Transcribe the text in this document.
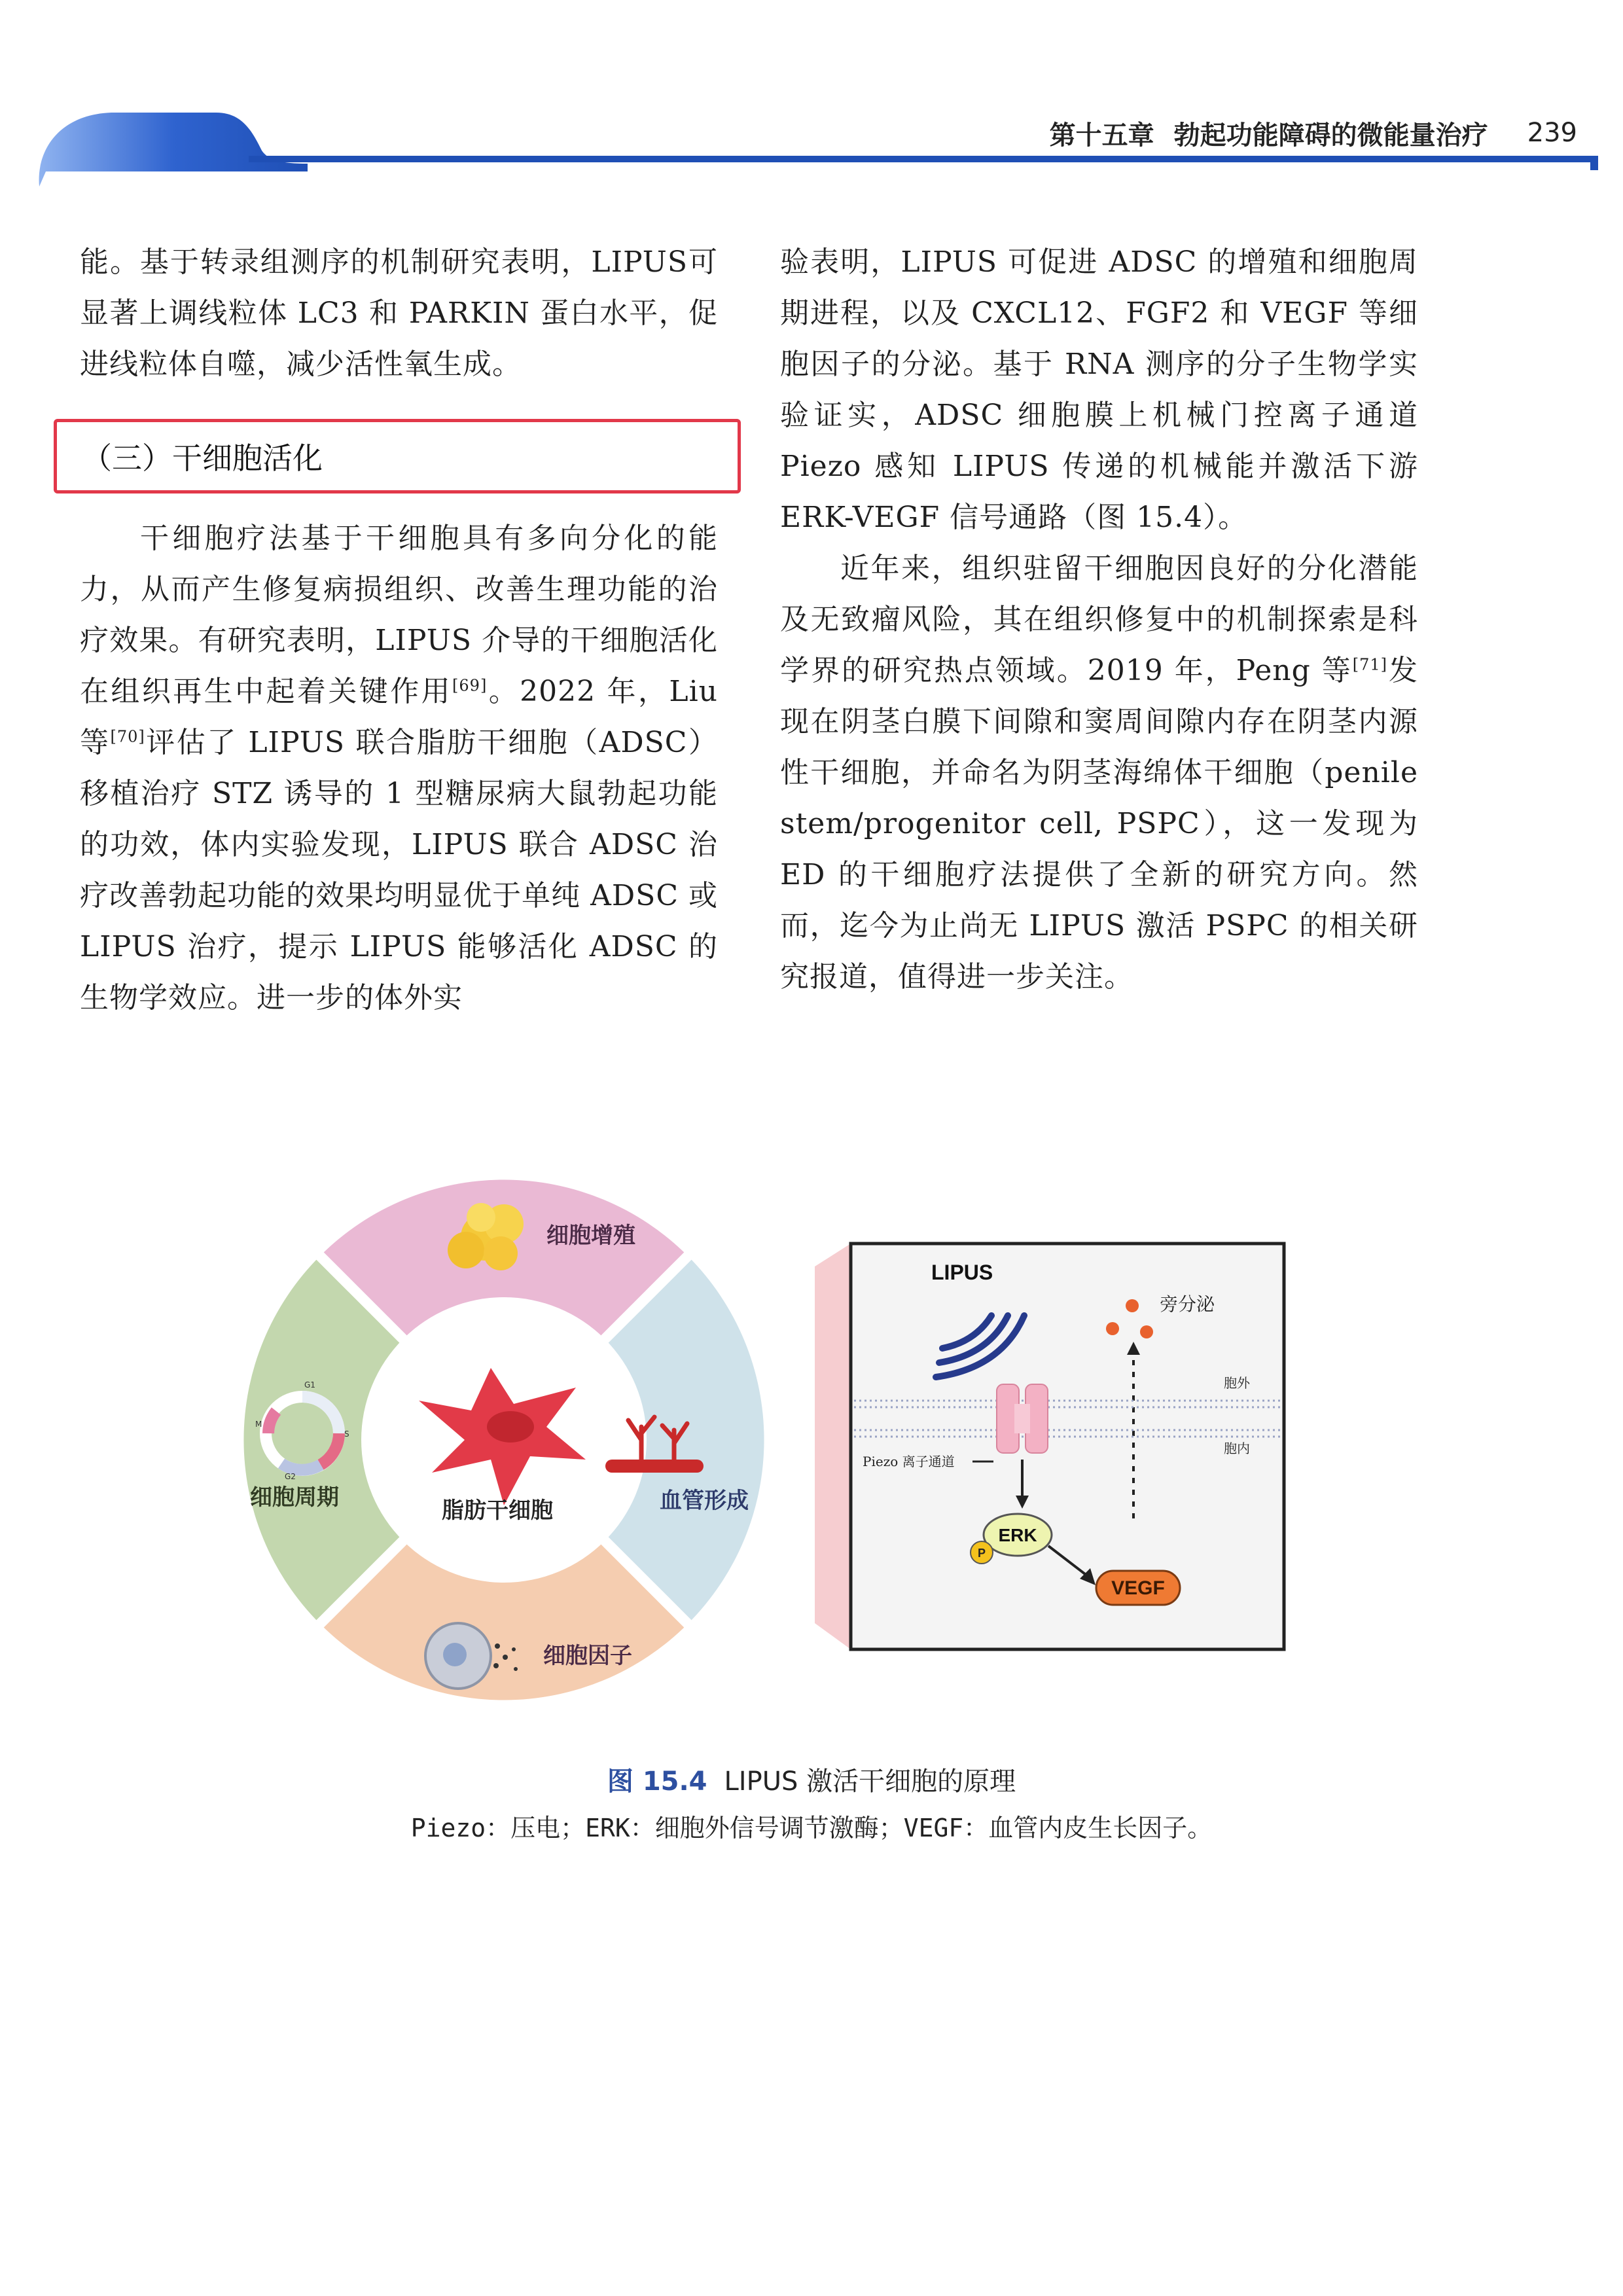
第十五章 勃起功能障碍的微能量治疗 239

能。基于转录组测序的机制研究表明，LIPUS可显著上调线粒体 LC3 和 PARKIN 蛋白水平，促进线粒体自噬，减少活性氧生成。

（三）干细胞活化

干细胞疗法基于干细胞具有多向分化的能力，从而产生修复病损组织、改善生理功能的治疗效果。有研究表明，LIPUS 介导的干细胞活化在组织再生中起着关键作用[69]。2022 年，Liu 等[70]评估了 LIPUS 联合脂肪干细胞（ADSC）移植治疗 STZ 诱导的 1 型糖尿病大鼠勃起功能的功效，体内实验发现，LIPUS 联合 ADSC 治疗改善勃起功能的效果均明显优于单纯 ADSC 或 LIPUS 治疗，提示 LIPUS 能够活化 ADSC 的生物学效应。进一步的体外实

验表明，LIPUS 可促进 ADSC 的增殖和细胞周期进程，以及 CXCL12、FGF2 和 VEGF 等细胞因子的分泌。基于 RNA 测序的分子生物学实验证实，ADSC 细胞膜上机械门控离子通道 Piezo 感知 LIPUS 传递的机械能并激活下游 ERK-VEGF 信号通路（图 15.4）。

近年来，组织驻留干细胞因良好的分化潜能及无致瘤风险，其在组织修复中的机制探索是科学界的研究热点领域。2019 年，Peng 等[71]发现在阴茎白膜下间隙和窦周间隙内存在阴茎内源性干细胞，并命名为阴茎海绵体干细胞（penile stem/progenitor cell, PSPC），这一发现为 ED 的干细胞疗法提供了全新的研究方向。然而，迄今为止尚无 LIPUS 激活 PSPC 的相关研究报道，值得进一步关注。

G1
S
G2
M
LIPUS
旁分泌
胞外
胞内
Piezo 离子通道
ERK
P
VEGF
细胞增殖
血管形成
细胞因子
细胞周期	脂肪干细胞
图 15.4 LIPUS 激活干细胞的原理
Piezo：压电；ERK：细胞外信号调节激酶；VEGF：血管内皮生长因子。
